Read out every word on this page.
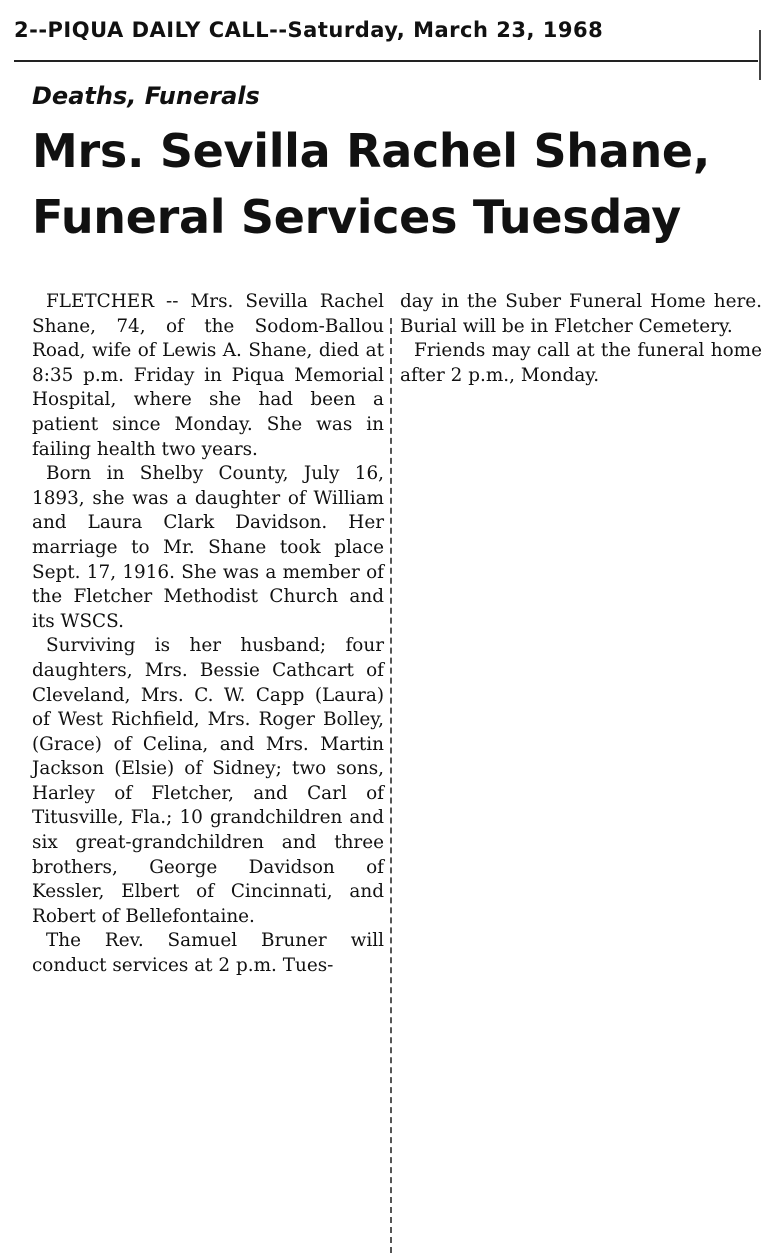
2--PIQUA DAILY CALL--Saturday, March 23, 1968
Deaths, Funerals
Mrs. Sevilla Rachel Shane,
Funeral Services Tuesday

FLETCHER -- Mrs. Sevilla Rachel Shane, 74, of the Sodom-Ballou Road, wife of Lewis A. Shane, died at 8:35 p.m. Friday in Piqua Memorial Hospital, where she had been a patient since Monday. She was in failing health two years.

Born in Shelby County, July 16, 1893, she was a daughter of William and Laura Clark Davidson. Her marriage to Mr. Shane took place Sept. 17, 1916. She was a member of the Fletcher Methodist Church and its WSCS.

Surviving is her husband; four daughters, Mrs. Bessie Cathcart of Cleveland, Mrs. C. W. Capp (Laura) of West Richfield, Mrs. Roger Bolley, (Grace) of Celina, and Mrs. Martin Jackson (Elsie) of Sidney; two sons, Harley of Fletcher, and Carl of Titusville, Fla.; 10 grandchildren and six great-grandchildren and three brothers, George Davidson of Kessler, Elbert of Cincinnati, and Robert of Bellefontaine.

The Rev. Samuel Bruner will conduct services at 2 p.m. Tues-

day in the Suber Funeral Home here. Burial will be in Fletcher Cemetery.

Friends may call at the funeral home after 2 p.m., Monday.
